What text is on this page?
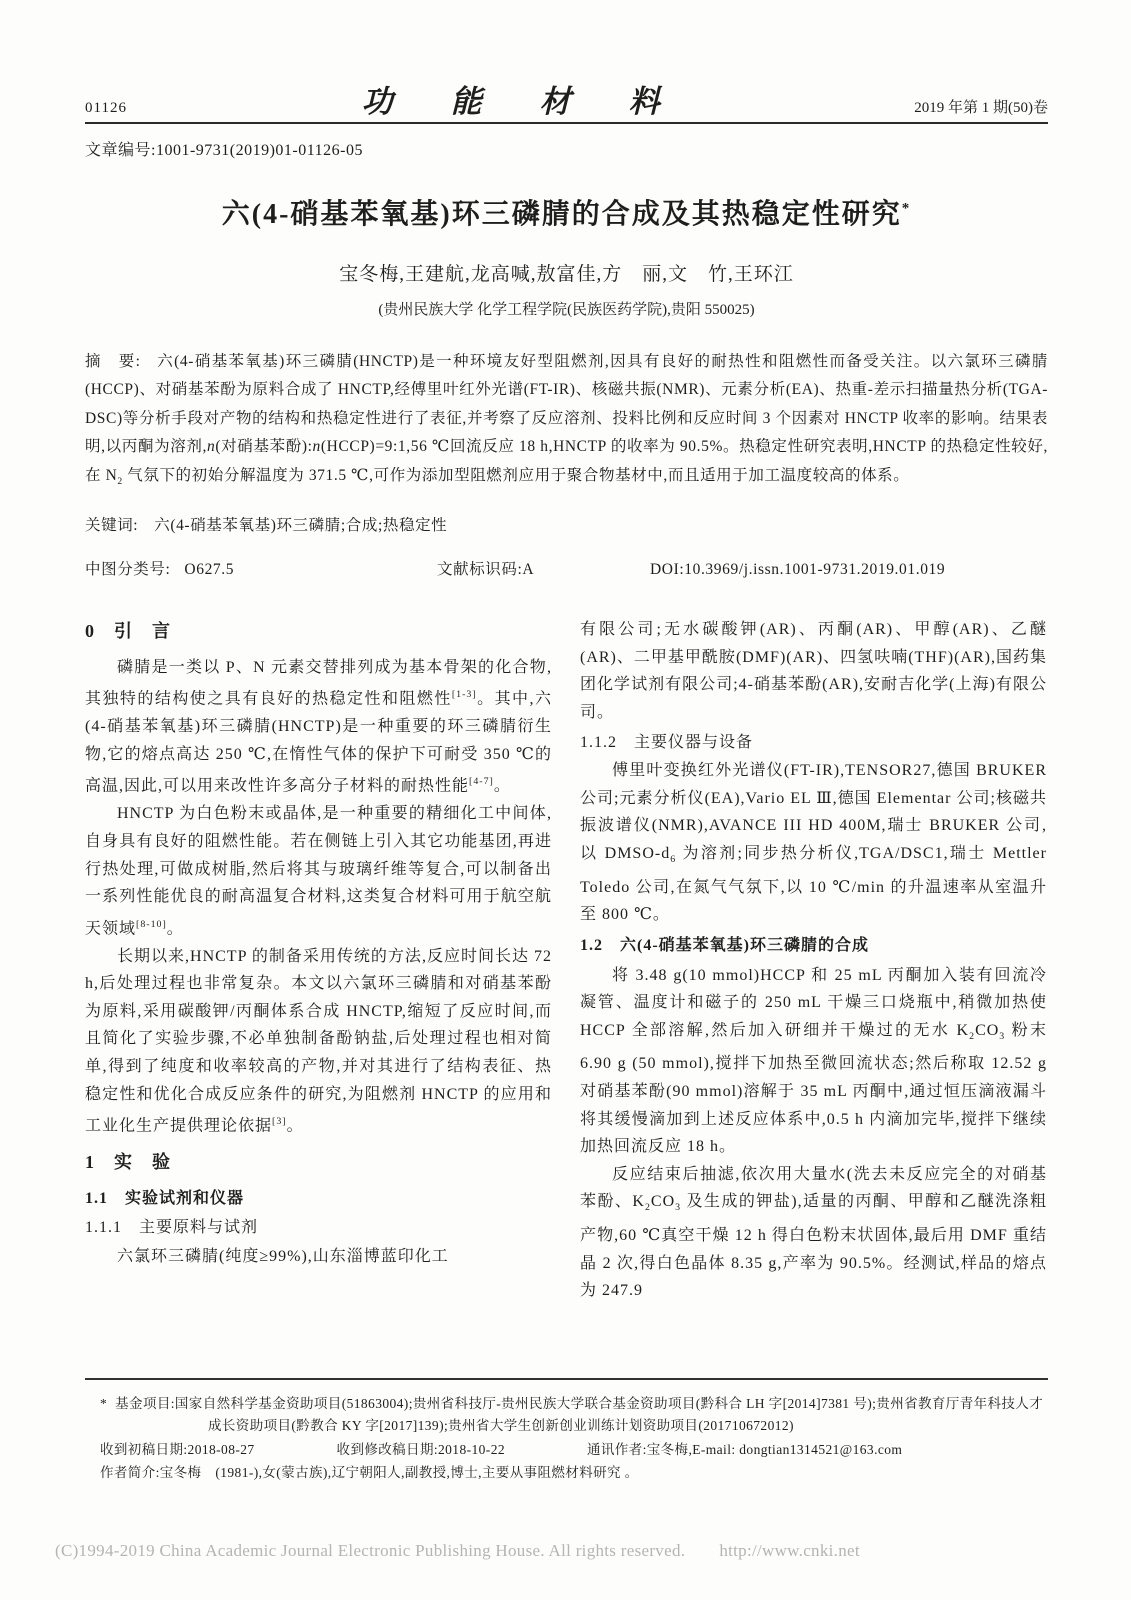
01126	功能材料	2019 年第 1 期(50)卷
文章编号:1001-9731(2019)01-01126-05
六(4-硝基苯氧基)环三磷腈的合成及其热稳定性研究*
宝冬梅,王建航,龙高喊,敖富佳,方　丽,文　竹,王环江
(贵州民族大学 化学工程学院(民族医药学院),贵阳 550025)

摘　要: 六(4-硝基苯氧基)环三磷腈(HNCTP)是一种环境友好型阻燃剂,因具有良好的耐热性和阻燃性而备受关注。以六氯环三磷腈(HCCP)、对硝基苯酚为原料合成了 HNCTP,经傅里叶红外光谱(FT-IR)、核磁共振(NMR)、元素分析(EA)、热重-差示扫描量热分析(TGA-DSC)等分析手段对产物的结构和热稳定性进行了表征,并考察了反应溶剂、投料比例和反应时间 3 个因素对 HNCTP 收率的影响。结果表明,以丙酮为溶剂,n(对硝基苯酚):n(HCCP)=9:1,56 ℃回流反应 18 h,HNCTP 的收率为 90.5%。热稳定性研究表明,HNCTP 的热稳定性较好,在 $N_2$ 气氛下的初始分解温度为 371.5 ℃,可作为添加型阻燃剂应用于聚合物基材中,而且适用于加工温度较高的体系。

关键词: 六(4-硝基苯氧基)环三磷腈;合成;热稳定性

中图分类号: O627.5	文献标识码:A	DOI:10.3969/j.issn.1001-9731.2019.01.019
0　引　言

磷腈是一类以 P、N 元素交替排列成为基本骨架的化合物,其独特的结构使之具有良好的热稳定性和阻燃性[1-3]。其中,六(4-硝基苯氧基)环三磷腈(HNCTP)是一种重要的环三磷腈衍生物,它的熔点高达 250 ℃,在惰性气体的保护下可耐受 350 ℃的高温,因此,可以用来改性许多高分子材料的耐热性能[4-7]。

HNCTP 为白色粉末或晶体,是一种重要的精细化工中间体,自身具有良好的阻燃性能。若在侧链上引入其它功能基团,再进行热处理,可做成树脂,然后将其与玻璃纤维等复合,可以制备出一系列性能优良的耐高温复合材料,这类复合材料可用于航空航天领域[8-10]。

长期以来,HNCTP 的制备采用传统的方法,反应时间长达 72 h,后处理过程也非常复杂。本文以六氯环三磷腈和对硝基苯酚为原料,采用碳酸钾/丙酮体系合成 HNCTP,缩短了反应时间,而且简化了实验步骤,不必单独制备酚钠盐,后处理过程也相对简单,得到了纯度和收率较高的产物,并对其进行了结构表征、热稳定性和优化合成反应条件的研究,为阻燃剂 HNCTP 的应用和工业化生产提供理论依据[3]。

1　实　验
1.1　实验试剂和仪器
1.1.1　主要原料与试剂

六氯环三磷腈(纯度≥99%),山东淄博蓝印化工

有限公司;无水碳酸钾(AR)、丙酮(AR)、甲醇(AR)、乙醚(AR)、二甲基甲酰胺(DMF)(AR)、四氢呋喃(THF)(AR),国药集团化学试剂有限公司;4-硝基苯酚(AR),安耐吉化学(上海)有限公司。

1.1.2　主要仪器与设备

傅里叶变换红外光谱仪(FT-IR),TENSOR27,德国 BRUKER 公司;元素分析仪(EA),Vario EL Ⅲ,德国 Elementar 公司;核磁共振波谱仪(NMR),AVANCE III HD 400M,瑞士 BRUKER 公司,以 DMSO-$d_6$ 为溶剂;同步热分析仪,TGA/DSC1,瑞士 Mettler Toledo 公司,在氮气气氛下,以 10 ℃/min 的升温速率从室温升至 800 ℃。

1.2　六(4-硝基苯氧基)环三磷腈的合成

将 3.48 g(10 mmol)HCCP 和 25 mL 丙酮加入装有回流冷凝管、温度计和磁子的 250 mL 干燥三口烧瓶中,稍微加热使 HCCP 全部溶解,然后加入研细并干燥过的无水 $K_2CO_3$ 粉末 6.90 g (50 mmol),搅拌下加热至微回流状态;然后称取 12.52 g 对硝基苯酚(90 mmol)溶解于 35 mL 丙酮中,通过恒压滴液漏斗将其缓慢滴加到上述反应体系中,0.5 h 内滴加完毕,搅拌下继续加热回流反应 18 h。

反应结束后抽滤,依次用大量水(洗去未反应完全的对硝基苯酚、$K_2CO_3$ 及生成的钾盐),适量的丙酮、甲醇和乙醚洗涤粗产物,60 ℃真空干燥 12 h 得白色粉末状固体,最后用 DMF 重结晶 2 次,得白色晶体 8.35 g,产率为 90.5%。经测试,样品的熔点为 247.9

* 基金项目:国家自然科学基金资助项目(51863004);贵州省科技厅-贵州民族大学联合基金资助项目(黔科合 LH 字[2014]7381 号);贵州省教育厅青年科技人才成长资助项目(黔教合 KY 字[2017]139);贵州省大学生创新创业训练计划资助项目(201710672012)

收到初稿日期:2018-08-27	收到修改稿日期:2018-10-22	通讯作者:宝冬梅,E-mail: dongtian1314521@163.com
作者简介:宝冬梅　(1981-),女(蒙古族),辽宁朝阳人,副教授,博士,主要从事阻燃材料研究 。
(C)1994-2019 China Academic Journal Electronic Publishing House. All rights reserved. http://www.cnki.net
